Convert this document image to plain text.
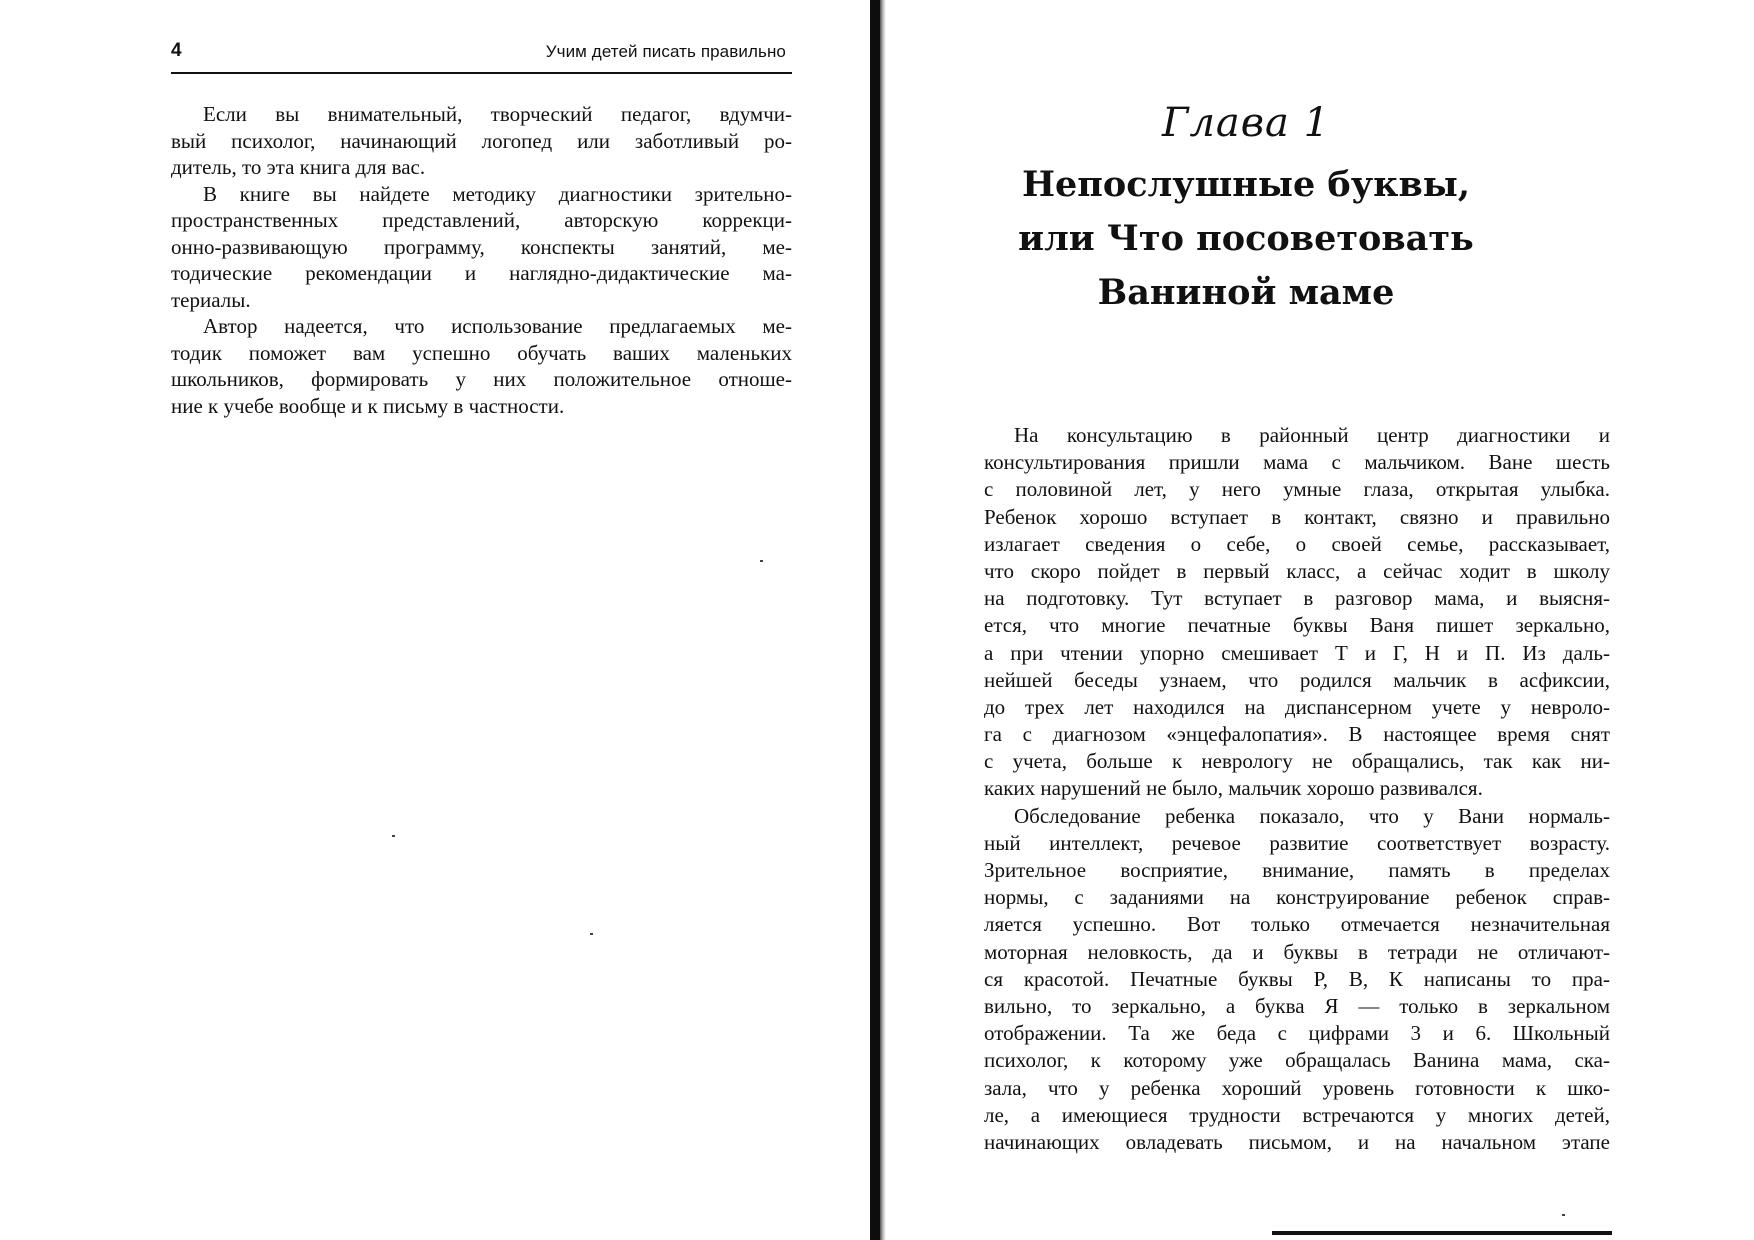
4	Учим детей писать правильно
Если вы внимательный, творческий педагог, вдумчи-
вый психолог, начинающий логопед или заботливый ро-
дитель, то эта книга для вас.
В книге вы найдете методику диагностики зрительно-
пространственных представлений, авторскую коррекци-
онно-развивающую программу, конспекты занятий, ме-
тодические рекомендации и наглядно-дидактические ма-
териалы.
Автор надеется, что использование предлагаемых ме-
тодик поможет вам успешно обучать ваших маленьких
школьников, формировать у них положительное отноше-
ние к учебе вообще и к письму в частности.
Глава 1
Непослушные буквы,
или Что посоветовать
Ваниной маме
На консультацию в районный центр диагностики и
консультирования пришли мама с мальчиком. Ване шесть
с половиной лет, у него умные глаза, открытая улыбка.
Ребенок хорошо вступает в контакт, связно и правильно
излагает сведения о себе, о своей семье, рассказывает,
что скоро пойдет в первый класс, а сейчас ходит в школу
на подготовку. Тут вступает в разговор мама, и выясня-
ется, что многие печатные буквы Ваня пишет зеркально,
а при чтении упорно смешивает Т и Г, Н и П. Из даль-
нейшей беседы узнаем, что родился мальчик в асфиксии,
до трех лет находился на диспансерном учете у невроло-
га с диагнозом «энцефалопатия». В настоящее время снят
с учета, больше к неврологу не обращались, так как ни-
каких нарушений не было, мальчик хорошо развивался.
Обследование ребенка показало, что у Вани нормаль-
ный интеллект, речевое развитие соответствует возрасту.
Зрительное восприятие, внимание, память в пределах
нормы, с заданиями на конструирование ребенок справ-
ляется успешно. Вот только отмечается незначительная
моторная неловкость, да и буквы в тетради не отличают-
ся красотой. Печатные буквы Р, В, К написаны то пра-
вильно, то зеркально, а буква Я — только в зеркальном
отображении. Та же беда с цифрами 3 и 6. Школьный
психолог, к которому уже обращалась Ванина мама, ска-
зала, что у ребенка хороший уровень готовности к шко-
ле, а имеющиеся трудности встречаются у многих детей,
начинающих овладевать письмом, и на начальном этапе
